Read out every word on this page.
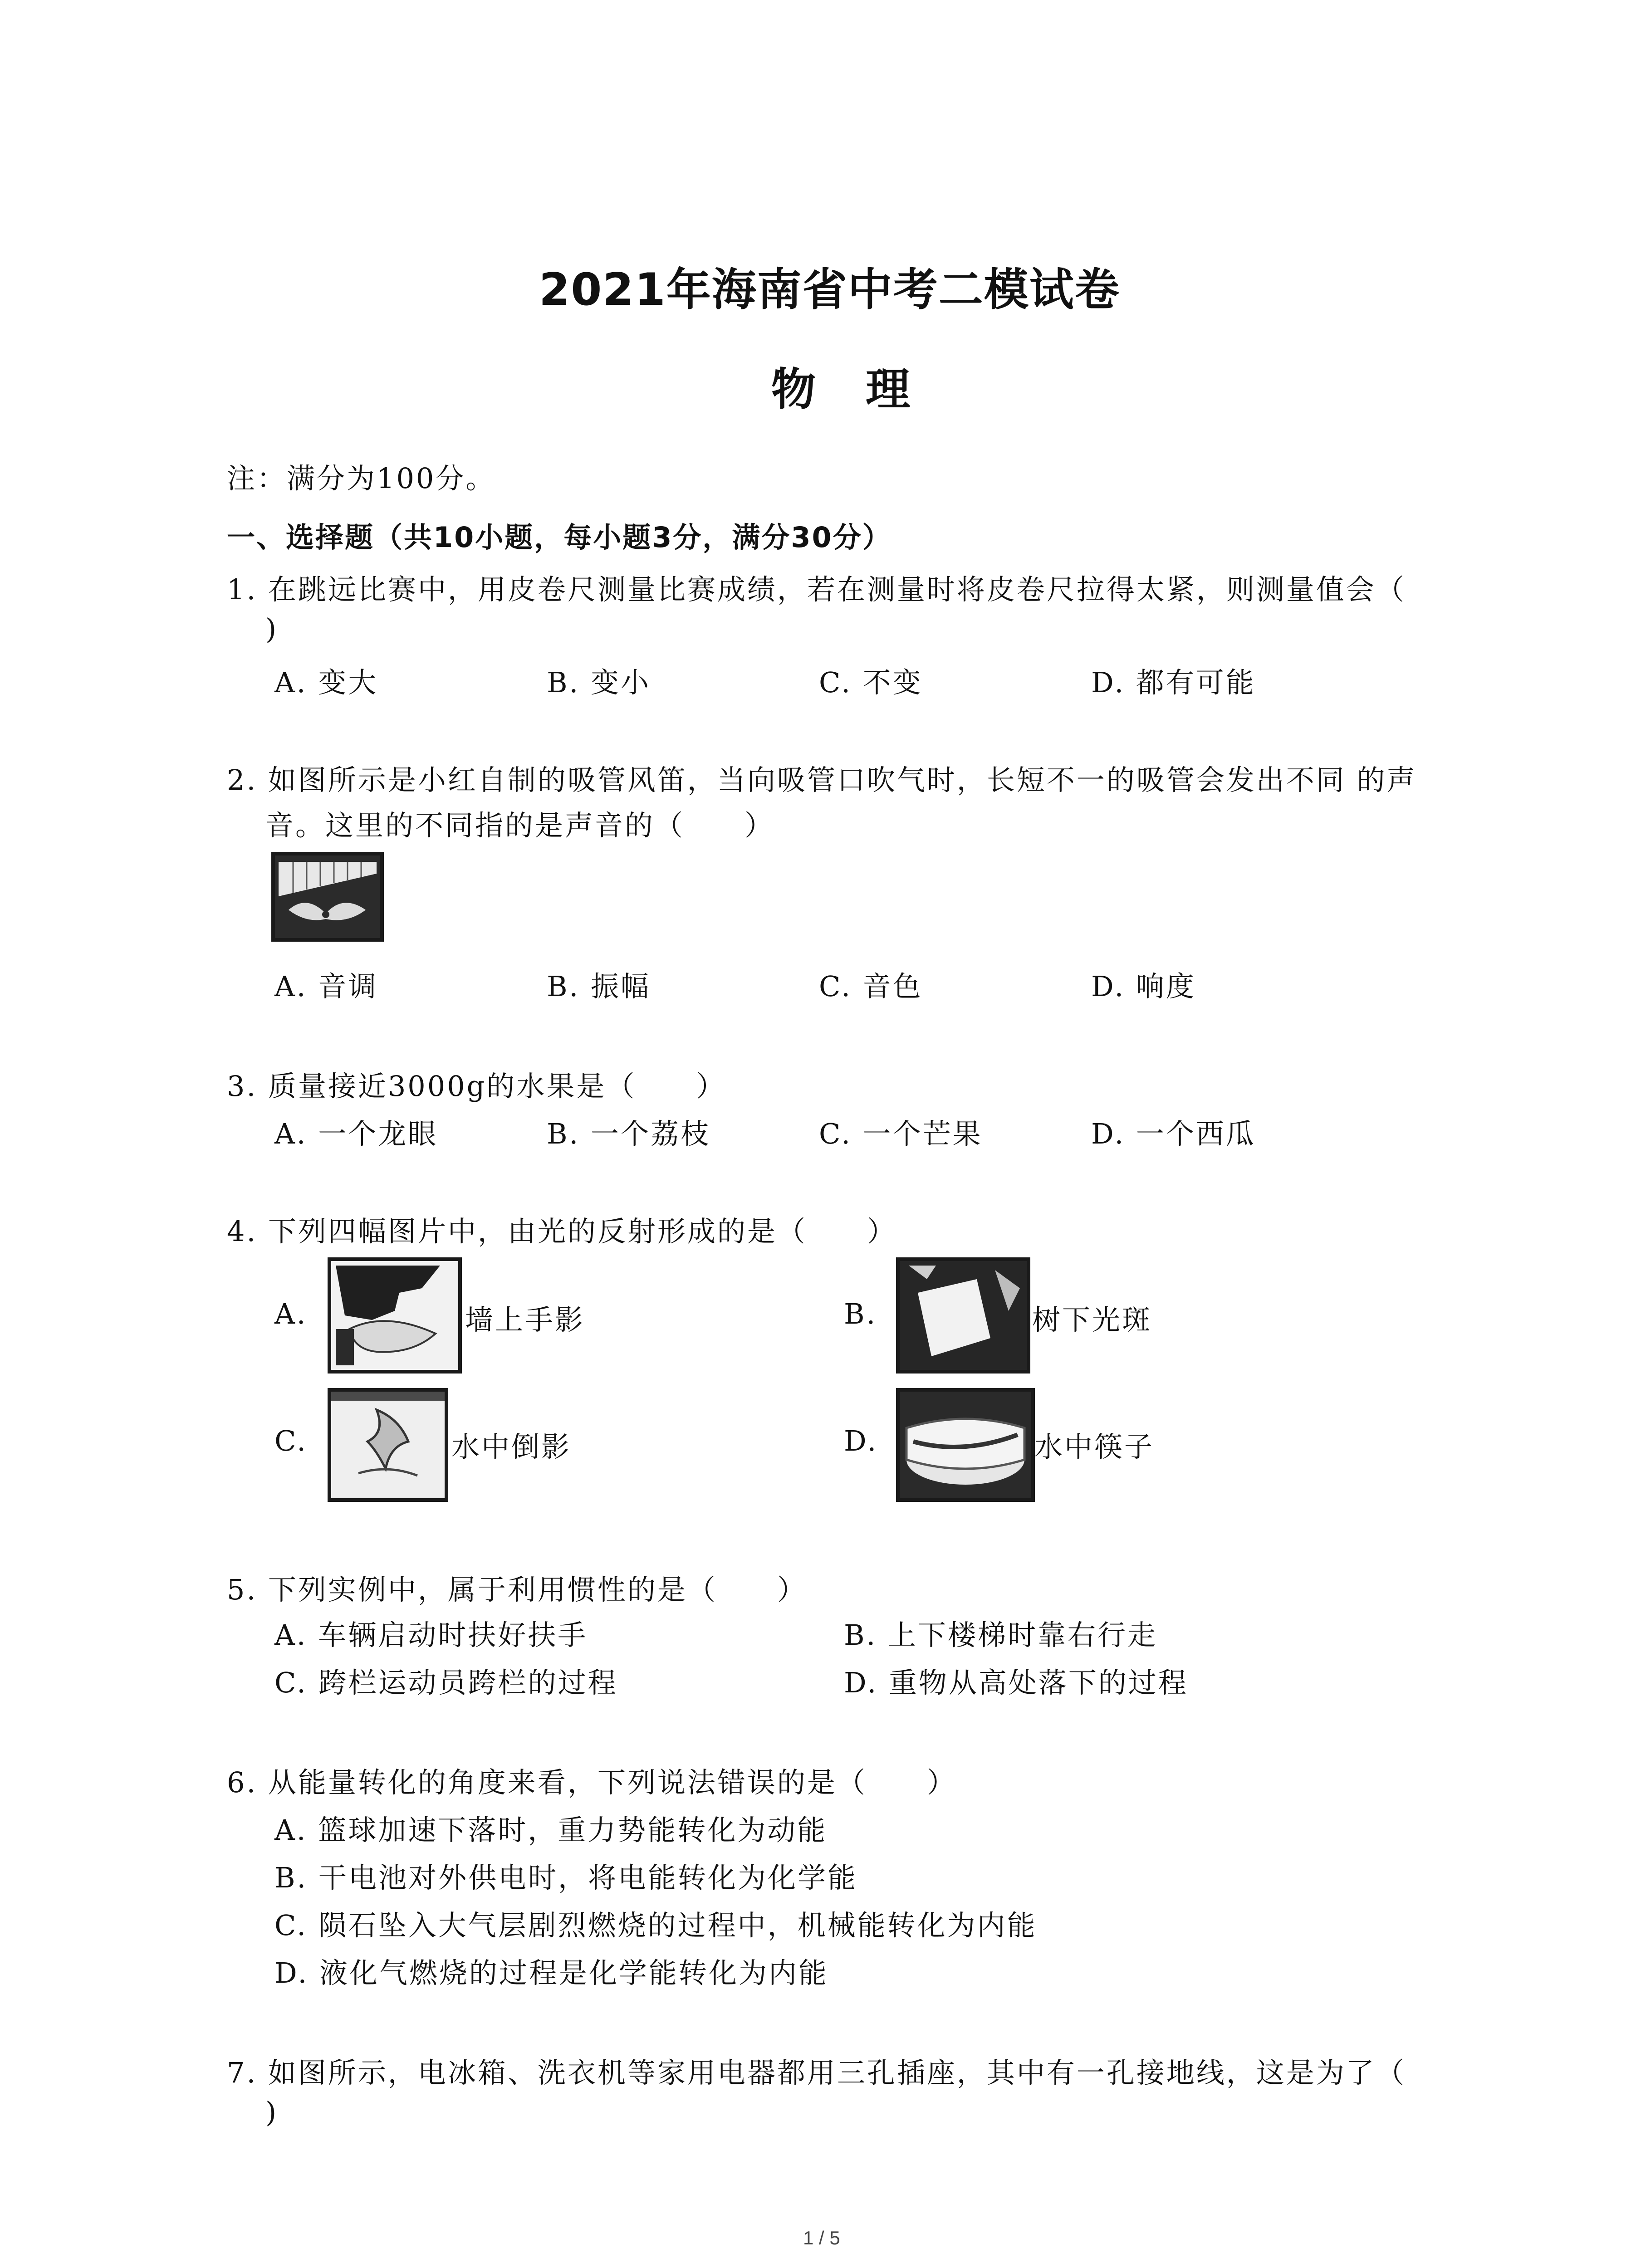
2021年海南省中考二模试卷
物理
注：满分为100分。
一、选择题（共10小题，每小题3分，满分30分）
1. 在跳远比赛中，用皮卷尺测量比赛成绩，若在测量时将皮卷尺拉得太紧，则测量值会（
)
A. 变大	B. 变小	C. 不变	D. 都有可能
2. 如图所示是小红自制的吸管风笛，当向吸管口吹气时，长短不一的吸管会发出不同 的声
音。这里的不同指的是声音的（　　）
A. 音调	B. 振幅	C. 音色	D. 响度
3. 质量接近3000g的水果是（　　）
A. 一个龙眼	B. 一个荔枝	C. 一个芒果	D. 一个西瓜
4. 下列四幅图片中，由光的反射形成的是（　　）
A.	墙上手影	B.	树下光斑
C.	水中倒影	D.	水中筷子
5. 下列实例中，属于利用惯性的是（　　）
A. 车辆启动时扶好扶手	B. 上下楼梯时靠右行走
C. 跨栏运动员跨栏的过程	D. 重物从高处落下的过程
6. 从能量转化的角度来看，下列说法错误的是（　　）
A. 篮球加速下落时，重力势能转化为动能
B. 干电池对外供电时，将电能转化为化学能
C. 陨石坠入大气层剧烈燃烧的过程中，机械能转化为内能
D. 液化气燃烧的过程是化学能转化为内能
7. 如图所示，电冰箱、洗衣机等家用电器都用三孔插座，其中有一孔接地线，这是为了（
)
1 / 5
